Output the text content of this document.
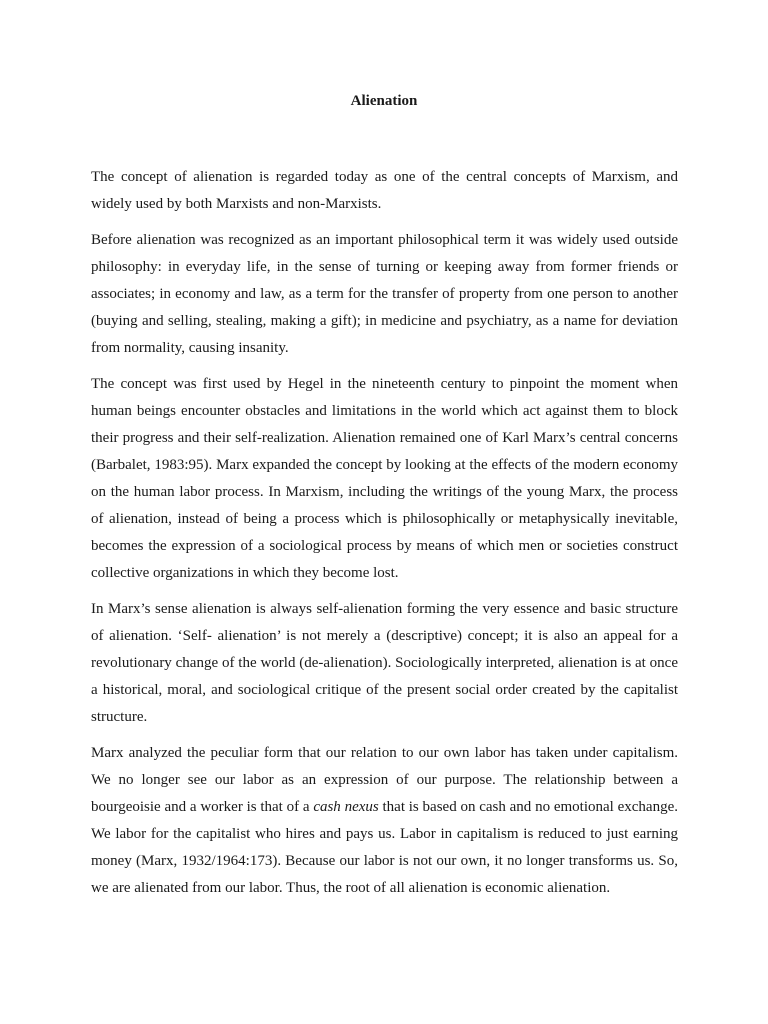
Alienation

The concept of alienation is regarded today as one of the central concepts of Marxism, and widely used by both Marxists and non-Marxists.

Before alienation was recognized as an important philosophical term it was widely used outside philosophy: in everyday life, in the sense of turning or keeping away from former friends or associates; in economy and law, as a term for the transfer of property from one person to another (buying and selling, stealing, making a gift); in medicine and psychiatry, as a name for deviation from normality, causing insanity.

The concept was first used by Hegel in the nineteenth century to pinpoint the moment when human beings encounter obstacles and limitations in the world which act against them to block their progress and their self-realization. Alienation remained one of Karl Marx’s central concerns (Barbalet, 1983:95). Marx expanded the concept by looking at the effects of the modern economy on the human labor process. In Marxism, including the writings of the young Marx, the process of alienation, instead of being a process which is philosophically or metaphysically inevitable, becomes the expression of a sociological process by means of which men or societies construct collective organizations in which they become lost.

In Marx’s sense alienation is always self-alienation forming the very essence and basic structure of alienation. ‘Self- alienation’ is not merely a (descriptive) concept; it is also an appeal for a revolutionary change of the world (de-alienation). Sociologically interpreted, alienation is at once a historical, moral, and sociological critique of the present social order created by the capitalist structure.

Marx analyzed the peculiar form that our relation to our own labor has taken under capitalism. We no longer see our labor as an expression of our purpose. The relationship between a bourgeoisie and a worker is that of a cash nexus that is based on cash and no emotional exchange. We labor for the capitalist who hires and pays us. Labor in capitalism is reduced to just earning money (Marx, 1932/1964:173). Because our labor is not our own, it no longer transforms us. So, we are alienated from our labor. Thus, the root of all alienation is economic alienation.
